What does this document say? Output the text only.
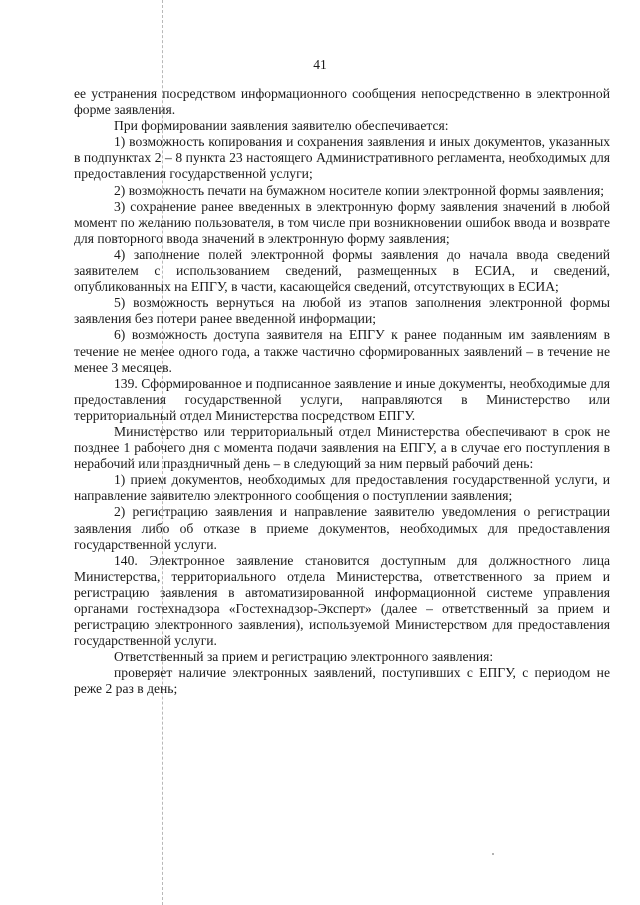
41

ее устранения посредством информационного сообщения непосредственно в электронной форме заявления.

При формировании заявления заявителю обеспечивается:

1) возможность копирования и сохранения заявления и иных документов, указанных в подпунктах 2 – 8 пункта 23 настоящего Административного регламента, необходимых для предоставления государственной услуги;

2) возможность печати на бумажном носителе копии электронной формы заявления;

3) сохранение ранее введенных в электронную форму заявления значений в любой момент по желанию пользователя, в том числе при возникновении ошибок ввода и возврате для повторного ввода значений в электронную форму заявления;

4) заполнение полей электронной формы заявления до начала ввода сведений заявителем с использованием сведений, размещенных в ЕСИА, и сведений, опубликованных на ЕПГУ, в части, касающейся сведений, отсутствующих в ЕСИА;

5) возможность вернуться на любой из этапов заполнения электронной формы заявления без потери ранее введенной информации;

6) возможность доступа заявителя на ЕПГУ к ранее поданным им заявлениям в течение не менее одного года, а также частично сформированных заявлений – в течение не менее 3 месяцев.

139. Сформированное и подписанное заявление и иные документы, необходимые для предоставления государственной услуги, направляются в Министерство или территориальный отдел Министерства посредством ЕПГУ.

Министерство или территориальный отдел Министерства обеспечивают в срок не позднее 1 рабочего дня с момента подачи заявления на ЕПГУ, а в случае его поступления в нерабочий или праздничный день – в следующий за ним первый рабочий день:

1) прием документов, необходимых для предоставления государственной услуги, и направление заявителю электронного сообщения о поступлении заявления;

2) регистрацию заявления и направление заявителю уведомления о регистрации заявления либо об отказе в приеме документов, необходимых для предоставления государственной услуги.

140. Электронное заявление становится доступным для должностного лица Министерства, территориального отдела Министерства, ответственного за прием и регистрацию заявления в автоматизированной информационной системе управления органами гостехнадзора «Гостехнадзор-Эксперт» (далее – ответственный за прием и регистрацию электронного заявления), используемой Министерством для предоставления государственной услуги.

Ответственный за прием и регистрацию электронного заявления:

проверяет наличие электронных заявлений, поступивших с ЕПГУ, с периодом не реже 2 раз в день;
